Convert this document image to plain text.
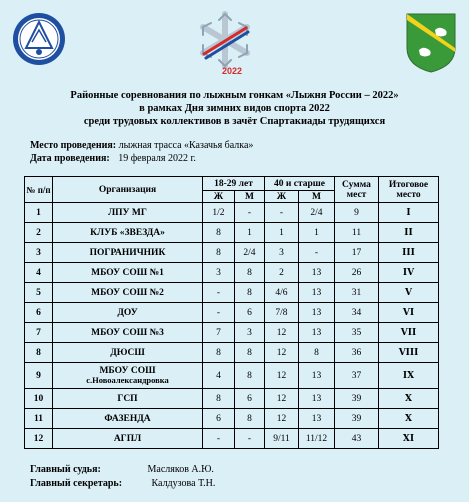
2022
Районные соревнования по лыжным гонкам «Лыжня России – 2022»
в рамках Дня зимних видов спорта 2022
среди трудовых коллективов в зачёт Спартакиады трудящихся
Место проведения: лыжная трасса «Казачья балка»
Дата проведения: 19 февраля 2022 г.
№ п/п	Организация	18-29 лет		40 и старше		Сумма мест	Итоговое место
		Ж	М	Ж	М		
1	ЛПУ МГ	1/2	-	-	2/4	9	I
2	КЛУБ «ЗВЕЗДА»	8	1	1	1	11	II
3	ПОГРАНИЧНИК	8	2/4	3	-	17	III
4	МБОУ СОШ №1	3	8	2	13	26	IV
5	МБОУ СОШ №2	-	8	4/6	13	31	V
6	ДОУ	-	6	7/8	13	34	VI
7	МБОУ СОШ №3	7	3	12	13	35	VII
8	ДЮСШ	8	8	12	8	36	VIII
9	МБОУ СОШ
с.Новоалександровка	4	8	12	13	37	IX
10	ГСП	8	6	12	13	39	X
11	ФАЗЕНДА	6	8	12	13	39	X
12	АГПЛ	-	-	9/11	11/12	43	XI
Главный судья:	Масляков А.Ю.
Главный секретарь:	Калдузова Т.Н.
